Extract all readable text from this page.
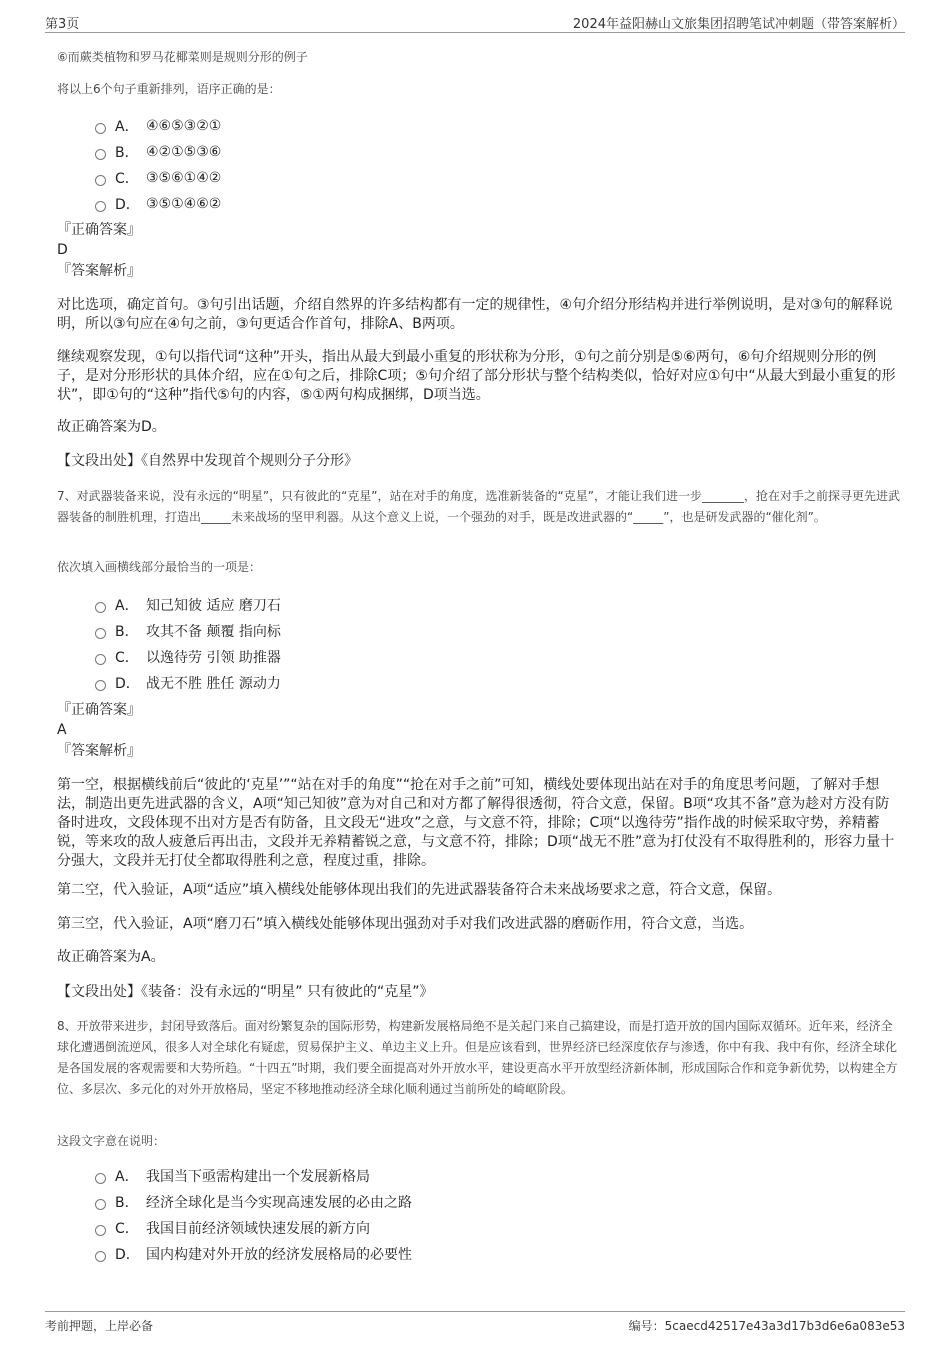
第3页	2024年益阳赫山文旅集团招聘笔试冲刺题（带答案解析）

⑥而蕨类植物和罗马花椰菜则是规则分形的例子

将以上6个句子重新排列，语序正确的是：

A． ④⑥⑤③②①
B． ④②①⑤③⑥
C． ③⑤⑥①④②
D． ③⑤①④⑥②
『正确答案』
D
『答案解析』

对比选项，确定首句。③句引出话题，介绍自然界的许多结构都有一定的规律性，④句介绍分形结构并进行举例说明，是对③句的解释说明，所以③句应在④句之前，③句更适合作首句，排除A、B两项。

继续观察发现，①句以指代词“这种”开头，指出从最大到最小重复的形状称为分形，①句之前分别是⑤⑥两句，⑥句介绍规则分形的例子，是对分形形状的具体介绍，应在①句之后，排除C项；⑤句介绍了部分形状与整个结构类似，恰好对应①句中“从最大到最小重复的形状”，即①句的“这种”指代⑤句的内容，⑤①两句构成捆绑，D项当选。

故正确答案为D。

【文段出处】《自然界中发现首个规则分子分形》

7、对武器装备来说，没有永远的“明星”，只有彼此的“克星”，站在对手的角度，选准新装备的“克星”，才能让我们进一步_______，抢在对手之前探寻更先进武器装备的制胜机理，打造出_____未来战场的坚甲利器。从这个意义上说，一个强劲的对手，既是改进武器的“_____”，也是研发武器的“催化剂”。

依次填入画横线部分最恰当的一项是：

A． 知己知彼 适应 磨刀石
B． 攻其不备 颠覆 指向标
C． 以逸待劳 引领 助推器
D． 战无不胜 胜任 源动力
『正确答案』
A
『答案解析』

第一空，根据横线前后“彼此的‘克星’”“站在对手的角度”“抢在对手之前”可知，横线处要体现出站在对手的角度思考问题，了解对手想法，制造出更先进武器的含义，A项“知己知彼”意为对自己和对方都了解得很透彻，符合文意，保留。B项“攻其不备”意为趁对方没有防备时进攻，文段体现不出对方是否有防备，且文段无“进攻”之意，与文意不符，排除；C项“以逸待劳”指作战的时候采取守势，养精蓄锐，等来攻的敌人疲惫后再出击，文段并无养精蓄锐之意，与文意不符，排除；D项“战无不胜”意为打仗没有不取得胜利的，形容力量十分强大，文段并无打仗全都取得胜利之意，程度过重，排除。

第二空，代入验证，A项“适应”填入横线处能够体现出我们的先进武器装备符合未来战场要求之意，符合文意，保留。

第三空，代入验证，A项“磨刀石”填入横线处能够体现出强劲对手对我们改进武器的磨砺作用，符合文意，当选。

故正确答案为A。

【文段出处】《装备：没有永远的“明星” 只有彼此的“克星”》

8、开放带来进步，封闭导致落后。面对纷繁复杂的国际形势，构建新发展格局绝不是关起门来自己搞建设，而是打造开放的国内国际双循环。近年来，经济全球化遭遇倒流逆风，很多人对全球化有疑虑，贸易保护主义、单边主义上升。但是应该看到，世界经济已经深度依存与渗透，你中有我、我中有你，经济全球化是各国发展的客观需要和大势所趋。“十四五”时期，我们要全面提高对外开放水平，建设更高水平开放型经济新体制，形成国际合作和竞争新优势，以构建全方位、多层次、多元化的对外开放格局，坚定不移地推动经济全球化顺利通过当前所处的崎岖阶段。

这段文字意在说明：

A． 我国当下亟需构建出一个发展新格局
B． 经济全球化是当今实现高速发展的必由之路
C． 我国目前经济领域快速发展的新方向
D． 国内构建对外开放的经济发展格局的必要性
考前押题，上岸必备	编号：5caecd42517e43a3d17b3d6e6a083e53
